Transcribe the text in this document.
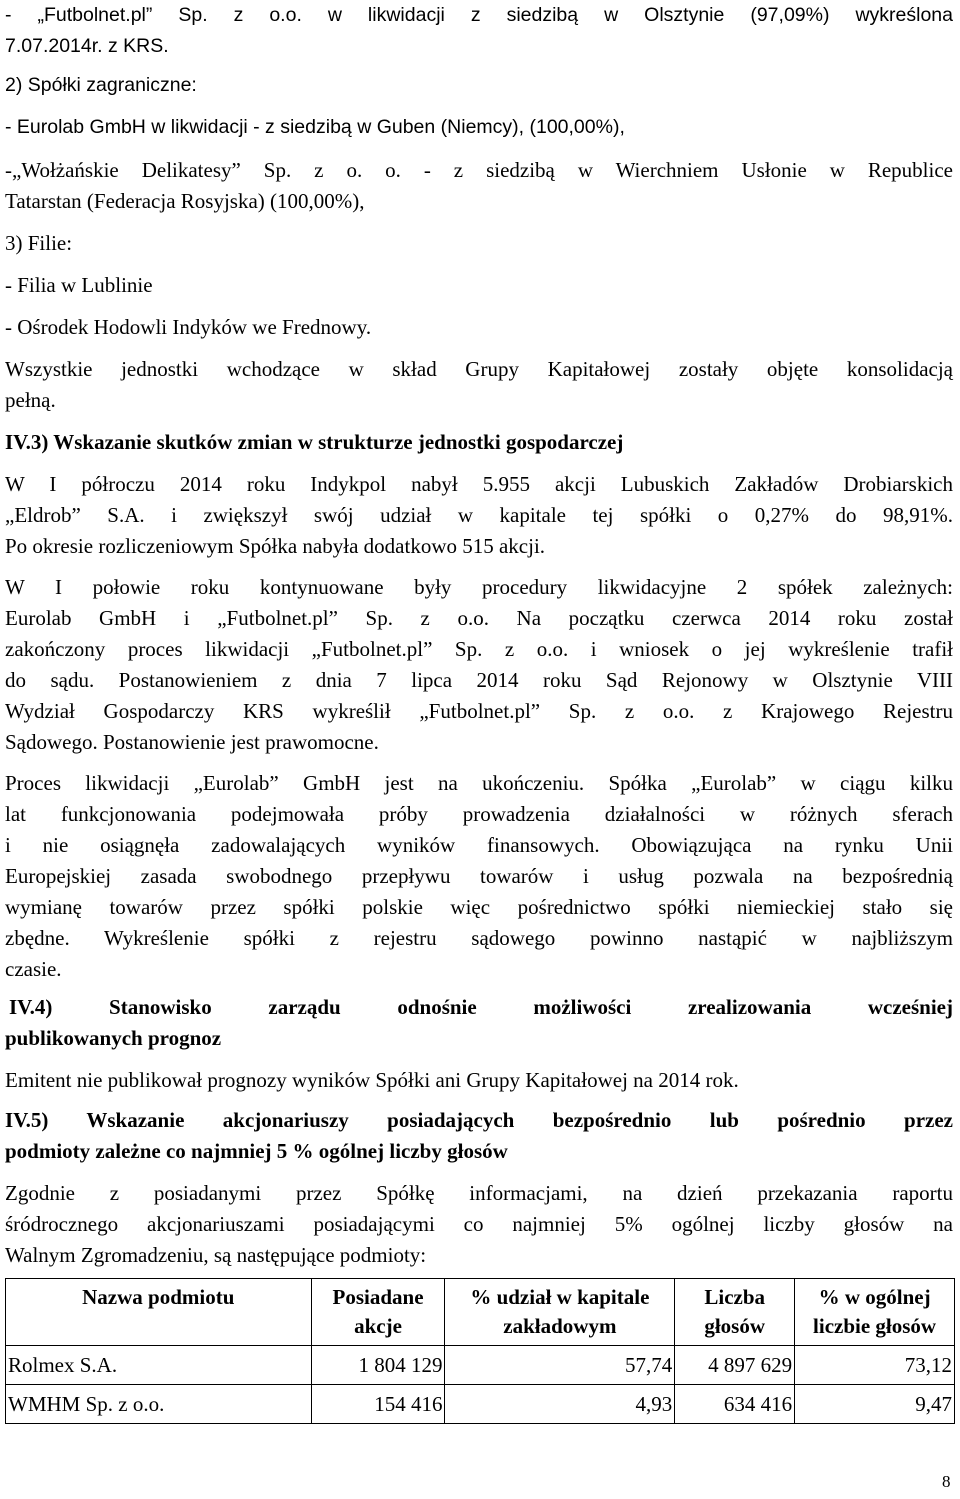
- „Futbolnet.pl” Sp. z o.o. w likwidacji z siedzibą w Olsztynie (97,09%) wykreślona
7.07.2014r. z KRS.
2) Spółki zagraniczne:
- Eurolab GmbH w likwidacji - z siedzibą w Guben (Niemcy), (100,00%),
-„Wołżańskie Delikatesy” Sp. z o. o. - z siedzibą w Wierchniem Usłonie w Republice
Tatarstan (Federacja Rosyjska) (100,00%),
3) Filie:
- Filia w Lublinie
- Ośrodek Hodowli Indyków we Frednowy.
Wszystkie jednostki wchodzące w skład Grupy Kapitałowej zostały objęte konsolidacją
pełną.
IV.3) Wskazanie skutków zmian w strukturze jednostki gospodarczej
W I półroczu 2014 roku Indykpol nabył 5.955 akcji Lubuskich Zakładów Drobiarskich
„Eldrob” S.A. i zwiększył swój udział w kapitale tej spółki o 0,27% do 98,91%.
Po okresie rozliczeniowym Spółka nabyła dodatkowo 515 akcji.
W I połowie roku kontynuowane były procedury likwidacyjne 2 spółek zależnych:
Eurolab GmbH i „Futbolnet.pl” Sp. z o.o. Na początku czerwca 2014 roku został
zakończony proces likwidacji „Futbolnet.pl” Sp. z o.o. i wniosek o jej wykreślenie trafił
do sądu. Postanowieniem z dnia 7 lipca 2014 roku Sąd Rejonowy w Olsztynie VIII
Wydział Gospodarczy KRS wykreślił „Futbolnet.pl” Sp. z o.o. z Krajowego Rejestru
Sądowego. Postanowienie jest prawomocne.
Proces likwidacji „Eurolab” GmbH jest na ukończeniu. Spółka „Eurolab” w ciągu kilku
lat funkcjonowania podejmowała próby prowadzenia działalności w różnych sferach
i nie osiągnęła zadowalających wyników finansowych. Obowiązująca na rynku Unii
Europejskiej zasada swobodnego przepływu towarów i usług pozwala na bezpośrednią
wymianę towarów przez spółki polskie więc pośrednictwo spółki niemieckiej stało się
zbędne. Wykreślenie spółki z rejestru sądowego powinno nastąpić w najbliższym
czasie.
IV.4) Stanowisko zarządu odnośnie możliwości zrealizowania wcześniej
publikowanych prognoz
Emitent nie publikował prognozy wyników Spółki ani Grupy Kapitałowej na 2014 rok.
IV.5) Wskazanie akcjonariuszy posiadających bezpośrednio lub pośrednio przez
podmioty zależne co najmniej 5 % ogólnej liczby głosów
Zgodnie z posiadanymi przez Spółkę informacjami, na dzień przekazania raportu
śródrocznego akcjonariuszami posiadającymi co najmniej 5% ogólnej liczby głosów na
Walnym Zgromadzeniu, są następujące podmioty:
Nazwa podmiotu	Posiadane akcje	% udział w kapitale zakładowym	Liczba głosów	% w ogólnej liczbie głosów
Rolmex S.A.	1 804 129	57,74	4 897 629	73,12
WMHM Sp. z o.o.	154 416	4,93	634 416	9,47
8
